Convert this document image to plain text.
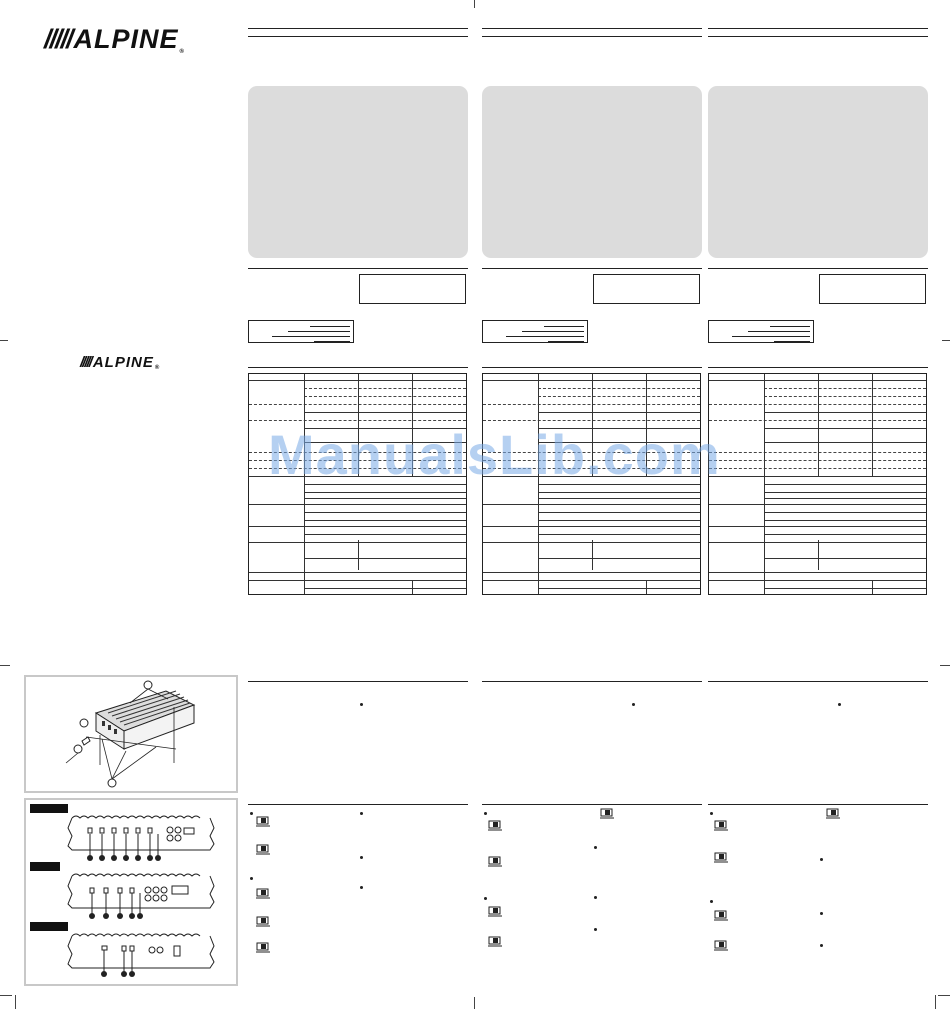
/////ALPINE®
///// ALPINE®
ManualsLib.com
